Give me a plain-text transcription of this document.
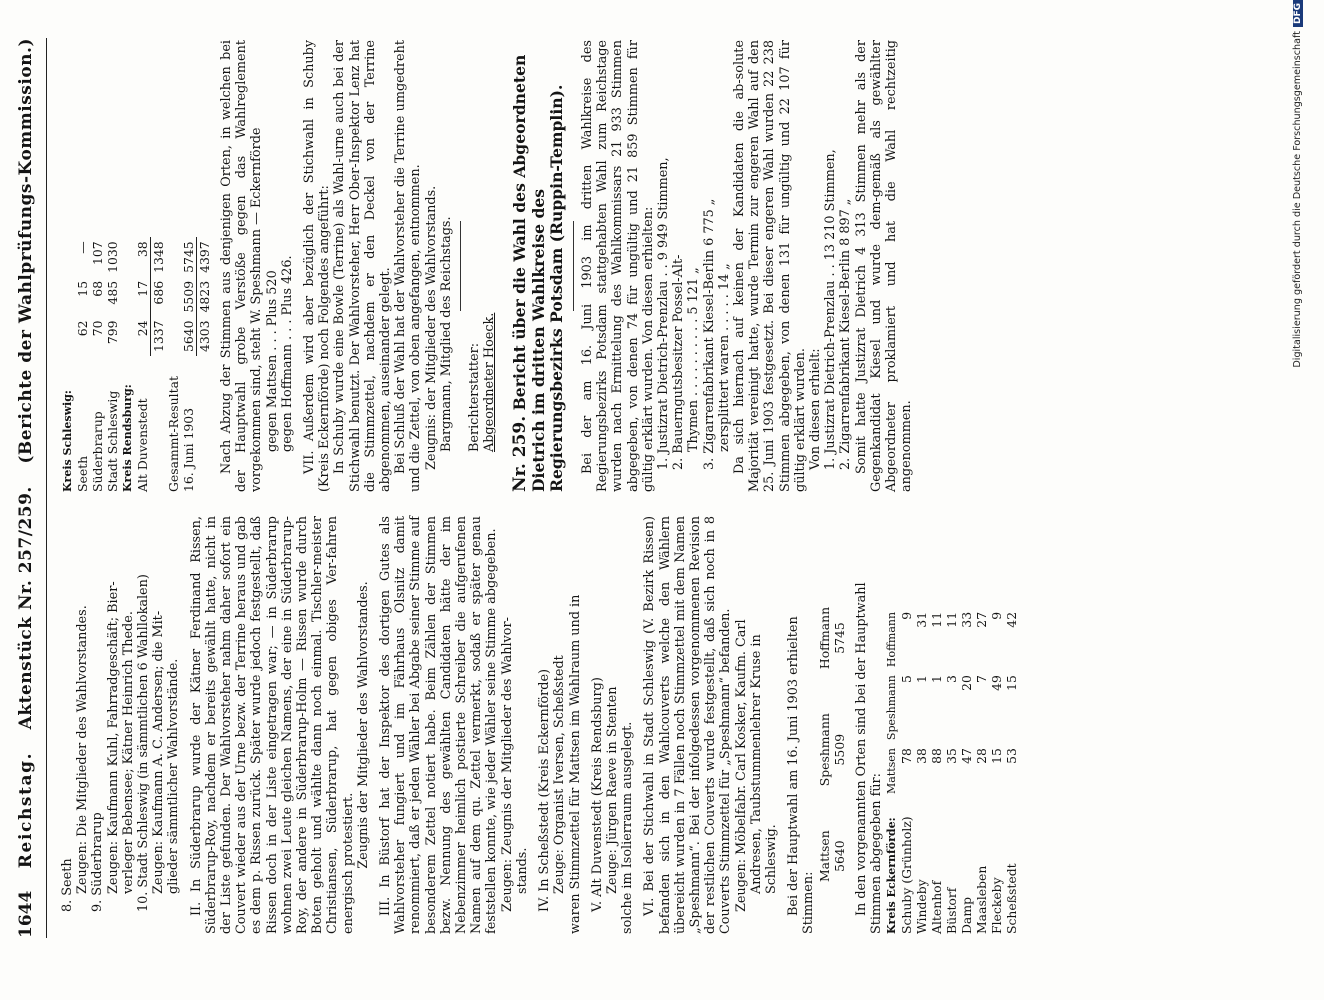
1644
Reichstag.
Aktenstück Nr. 257/259.
(Berichte der Wahlprüfungs-Kommission.)
8. Seeth Zeugen: Die Mitglieder des Wahlvorstandes. 9. Süderbrarup Zeugen: Kaufmann Kuhl, Fahrradgeschäft; Bier- verleger Bebensee; Kätner Heinrich Thede. 10. Stadt Schleswig (in sämmtlichen 6 Wahllokalen) Zeugen: Kaufmann A. C. Andersen; die Mit- glieder sämmtlicher Wahlvorstände. II. In Süderbrarup wurde der Kätner Ferdinand Rissen, Süderbrarup-Roy, nachdem er bereits gewählt hatte, nicht in der Liste gefunden. Der Wahlvorsteher nahm daher sofort ein Couvert wieder aus der Urne bezw. der Terrine heraus und gab es dem p. Rissen zurück. Später wurde jedoch festgestellt, daß Rissen doch in der Liste eingetragen war; — in Süderbrarup wohnen zwei Leute gleichen Namens, der eine in Süderbrarup-Roy, der andere in Süderbrarup-Holm — Rissen wurde durch Boten geholt und wählte dann noch einmal. Tischler-meister Christiansen, Süderbrarup, hat gegen obiges Ver-fahren energisch protestiert. Zeugnis der Mitglieder des Wahlvorstandes. III. In Büstorf hat der Inspektor des dortigen Gutes als Wahlvorsteher fungiert und im Fährhaus Olsnitz damit renommiert, daß er jeden Wähler bei Abgabe seiner Stimme auf besonderem Zettel notiert habe. Beim Zählen der Stimmen bezw. Nennung des gewählten Candidaten hätte der im Nebenzimmer heimlich postierte Schreiber die aufgerufenen Namen auf dem qu. Zettel vermerkt, sodaß er später genau feststellen konnte, wie jeder Wähler seine Stimme abgegeben. Zeugen: Zeugnis der Mitglieder des Wahlvor- stands. IV. In Scheßstedt (Kreis Eckernförde) Zeuge: Organist Iversen, Scheßstedt waren Stimmzettel für Mattsen im Wahlraum und in V. Alt Duvenstedt (Kreis Rendsburg) Zeuge: Jürgen Raeve in Stenten solche im Isolierraum ausgelegt. VI. Bei der Stichwahl in Stadt Schleswig (V. Bezirk Rissen) befanden sich in den Wahlcouverts welche den Wählern übereicht wurden in 7 Fällen noch Stimmzettel mit dem Namen „Speshmann“. Bei der infolgedessen vorgenommenen Revision der restlichen Couverts wurde festgestellt, daß sich noch in 8 Couverts Stimmzettel für „Speshmann“ befanden. Zeugen: Möbelfabr. Carl Kosker, Kaufm. Carl Andresen, Taubstummenlehrer Kruse in Schleswig. Bei der Hauptwahl am 16. Juni 1903 erhielten Stimmen:
Mattsen	Speshmann	Hoffmann
5640	5509	5745 In den vorgenannten Orten sind bei der Hauptwahl Stimmen abgegeben für: Kreis Eckernförde:	Mattsen	Speshmann	Hoffmann
Schuby (Grünholz)	78	5	9
Windeby	38	1	31
Altenhof	88	1	11
Büstorf	35	3	11
Damp	47	20	33
Maasleben	28	7	27
Fleckeby	15	49	9
Scheßstedt	53	15	42
Kreis Schleswig:			
Seeth	62	15	—
Süderbrarup	70	68	107
Stadt Schleswig	799	485	1030
Kreis Rendsburg:			
Alt Duvenstedt	24	17	38
	1337	686	1348
Gesammt-Resultat			
16. Juni 1903	5640	5509	5745
	4303	4823	4397 Nach Abzug der Stimmen aus denjenigen Orten, in welchen bei der Hauptwahl grobe Verstöße gegen das Wahlreglement vorgekommen sind, steht W. Speshmann — Eckernförde gegen Mattsen . . . Plus 520 gegen Hoffmann . . . Plus 426. VII. Außerdem wird aber bezüglich der Stichwahl in Schuby (Kreis Eckernförde) noch Folgendes angeführt: In Schuby wurde eine Bowle (Terrine) als Wahl-urne auch bei der Stichwahl benutzt. Der Wahlvorsteher, Herr Ober-Inspektor Lenz hat die Stimmzettel, nachdem er den Deckel von der Terrine abgenommen, auseinander gelegt. Bei Schluß der Wahl hat der Wahlvorsteher die Terrine umgedreht und die Zettel, von oben angefangen, entnommen. Zeugnis: der Mitglieder des Wahlvorstands. Bargmann, Mitglied des Reichstags. Berichterstatter: Abgeordneter Hoeck.
Nr. 259. Bericht über die Wahl des Abgeordneten Dietrich im dritten Wahlkreise des Regierungsbezirks Potsdam (Ruppin-Templin). Bei der am 16. Juni 1903 im dritten Wahlkreise des Regierungsbezirks Potsdam stattgehabten Wahl zum Reichstage wurden nach Ermittelung des Wahlkommissars 21 933 Stimmen abgegeben, von denen 74 für ungültig und 21 859 Stimmen für gültig erklärt wurden. Von diesen erhielten: 1. Justizrat Dietrich-Prenzlau . . 9 949 Stimmen, 2. Bauerngutsbesitzer Possel-Alt- Thymen . . . . . . . . . . 5 121 „ 3. Zigarrenfabrikant Kiesel-Berlin 6 775 „ zersplittert waren . . . . . 14 „ Da sich hiernach auf keinen der Kandidaten die ab-solute Majorität vereinigt hatte, wurde Termin zur engeren Wahl auf den 25. Juni 1903 festgesetzt. Bei dieser engeren Wahl wurden 22 238 Stimmen abgegeben, von denen 131 für ungültig und 22 107 für gültig erklärt wurden. Von diesen erhielt: 1. Justizrat Dietrich-Prenzlau . . 13 210 Stimmen, 2. Zigarrenfabrikant Kiesel-Berlin 8 897 „ Somit hatte Justizrat Dietrich 4 313 Stimmen mehr als der Gegenkandidat Kiesel und wurde dem-gemäß als gewählter Abgeordneter proklamiert und hat die Wahl rechtzeitig angenommen.

Digitalisierung gefördert durch die Deutsche ForschungsgemeinschaftDFG
